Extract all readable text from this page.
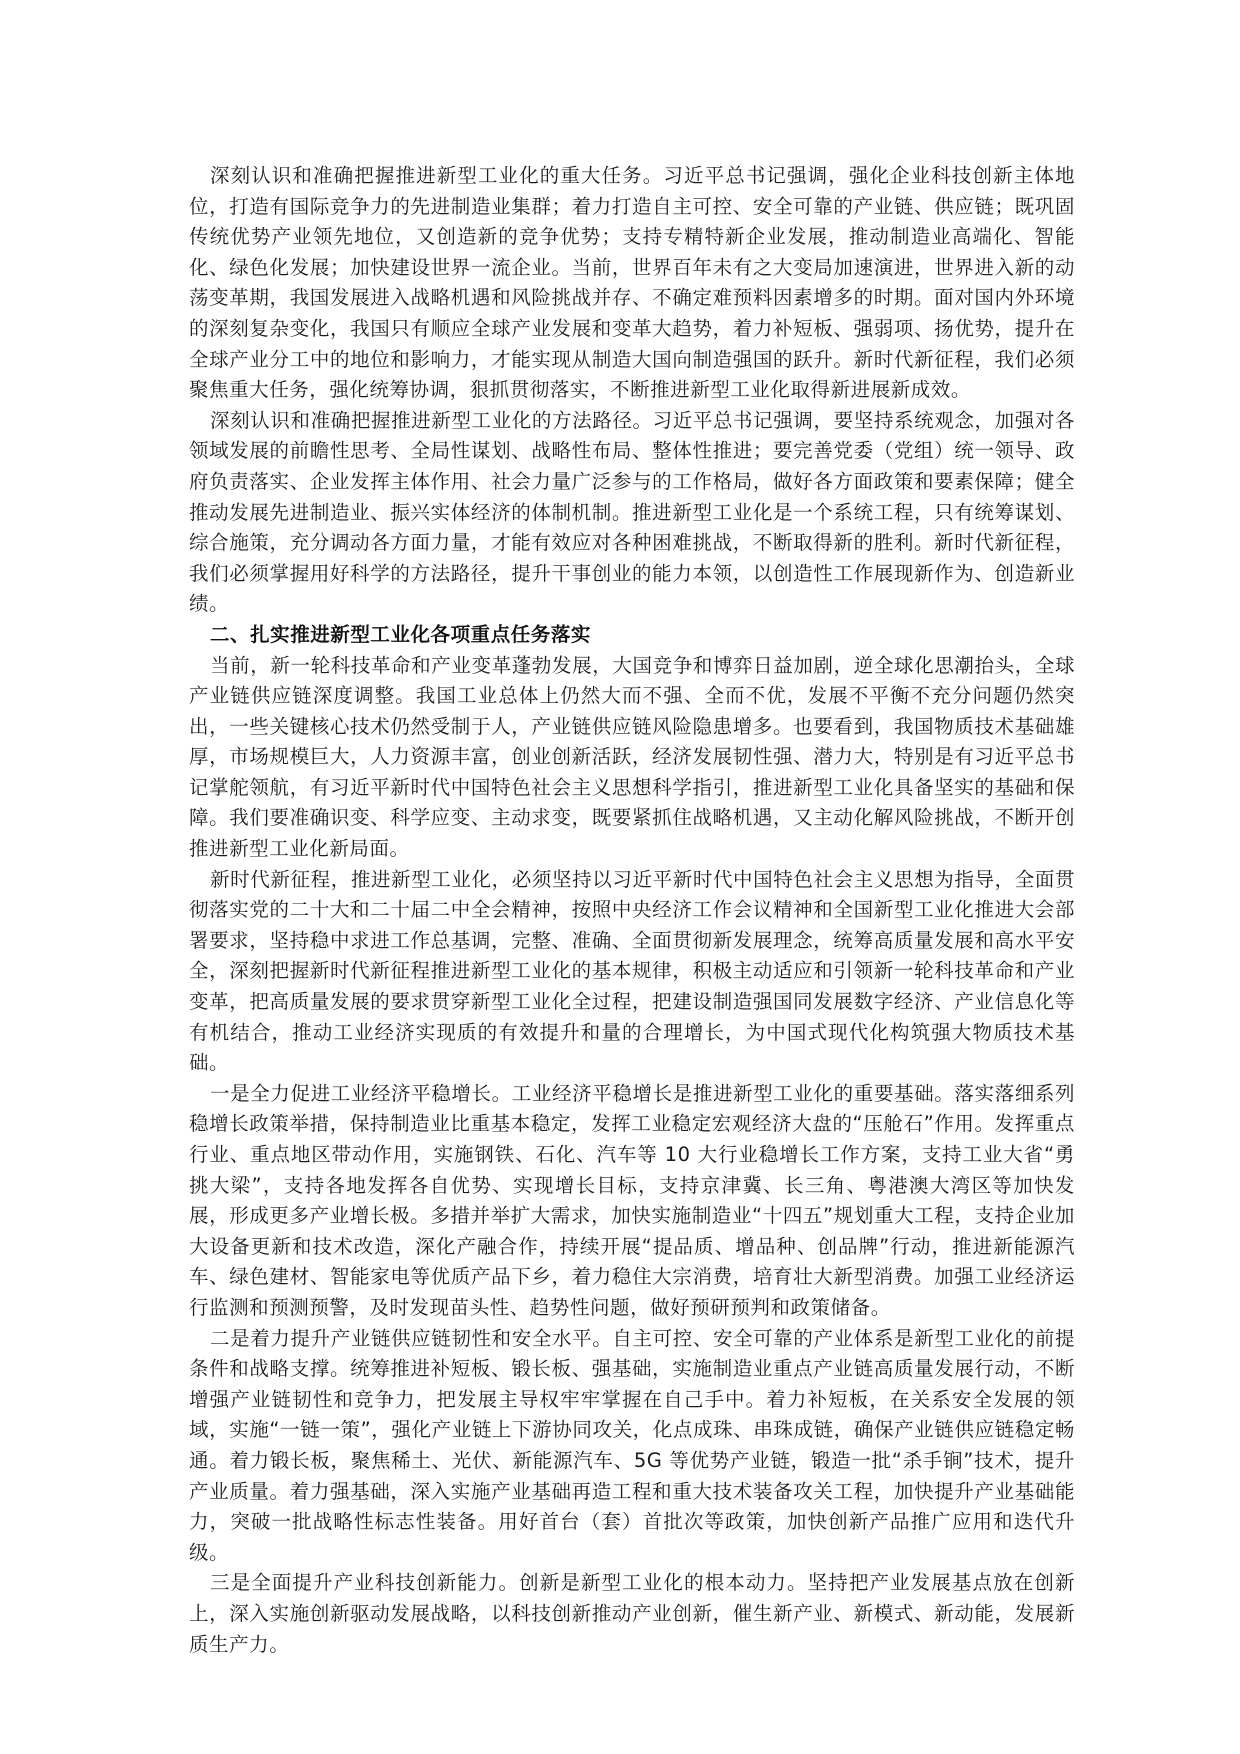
深刻认识和准确把握推进新型工业化的重大任务。习近平总书记强调，强化企业科技创新主体地位，打造有国际竞争力的先进制造业集群；着力打造自主可控、安全可靠的产业链、供应链；既巩固传统优势产业领先地位，又创造新的竞争优势；支持专精特新企业发展，推动制造业高端化、智能化、绿色化发展；加快建设世界一流企业。当前，世界百年未有之大变局加速演进，世界进入新的动荡变革期，我国发展进入战略机遇和风险挑战并存、不确定难预料因素增多的时期。面对国内外环境的深刻复杂变化，我国只有顺应全球产业发展和变革大趋势，着力补短板、强弱项、扬优势，提升在全球产业分工中的地位和影响力，才能实现从制造大国向制造强国的跃升。新时代新征程，我们必须聚焦重大任务，强化统筹协调，狠抓贯彻落实，不断推进新型工业化取得新进展新成效。

深刻认识和准确把握推进新型工业化的方法路径。习近平总书记强调，要坚持系统观念，加强对各领域发展的前瞻性思考、全局性谋划、战略性布局、整体性推进；要完善党委（党组）统一领导、政府负责落实、企业发挥主体作用、社会力量广泛参与的工作格局，做好各方面政策和要素保障；健全推动发展先进制造业、振兴实体经济的体制机制。推进新型工业化是一个系统工程，只有统筹谋划、综合施策，充分调动各方面力量，才能有效应对各种困难挑战，不断取得新的胜利。新时代新征程，我们必须掌握用好科学的方法路径，提升干事创业的能力本领，以创造性工作展现新作为、创造新业绩。

二、扎实推进新型工业化各项重点任务落实

当前，新一轮科技革命和产业变革蓬勃发展，大国竞争和博弈日益加剧，逆全球化思潮抬头，全球产业链供应链深度调整。我国工业总体上仍然大而不强、全而不优，发展不平衡不充分问题仍然突出，一些关键核心技术仍然受制于人，产业链供应链风险隐患增多。也要看到，我国物质技术基础雄厚，市场规模巨大，人力资源丰富，创业创新活跃，经济发展韧性强、潜力大，特别是有习近平总书记掌舵领航，有习近平新时代中国特色社会主义思想科学指引，推进新型工业化具备坚实的基础和保障。我们要准确识变、科学应变、主动求变，既要紧抓住战略机遇，又主动化解风险挑战，不断开创推进新型工业化新局面。

新时代新征程，推进新型工业化，必须坚持以习近平新时代中国特色社会主义思想为指导，全面贯彻落实党的二十大和二十届二中全会精神，按照中央经济工作会议精神和全国新型工业化推进大会部署要求，坚持稳中求进工作总基调，完整、准确、全面贯彻新发展理念，统筹高质量发展和高水平安全，深刻把握新时代新征程推进新型工业化的基本规律，积极主动适应和引领新一轮科技革命和产业变革，把高质量发展的要求贯穿新型工业化全过程，把建设制造强国同发展数字经济、产业信息化等有机结合，推动工业经济实现质的有效提升和量的合理增长，为中国式现代化构筑强大物质技术基础。

一是全力促进工业经济平稳增长。工业经济平稳增长是推进新型工业化的重要基础。落实落细系列稳增长政策举措，保持制造业比重基本稳定，发挥工业稳定宏观经济大盘的“压舱石”作用。发挥重点行业、重点地区带动作用，实施钢铁、石化、汽车等 10 大行业稳增长工作方案，支持工业大省“勇挑大梁”，支持各地发挥各自优势、实现增长目标，支持京津冀、长三角、粤港澳大湾区等加快发展，形成更多产业增长极。多措并举扩大需求，加快实施制造业“十四五”规划重大工程，支持企业加大设备更新和技术改造，深化产融合作，持续开展“提品质、增品种、创品牌”行动，推进新能源汽车、绿色建材、智能家电等优质产品下乡，着力稳住大宗消费，培育壮大新型消费。加强工业经济运行监测和预测预警，及时发现苗头性、趋势性问题，做好预研预判和政策储备。

二是着力提升产业链供应链韧性和安全水平。自主可控、安全可靠的产业体系是新型工业化的前提条件和战略支撑。统筹推进补短板、锻长板、强基础，实施制造业重点产业链高质量发展行动，不断增强产业链韧性和竞争力，把发展主导权牢牢掌握在自己手中。着力补短板，在关系安全发展的领域，实施“一链一策”，强化产业链上下游协同攻关，化点成珠、串珠成链，确保产业链供应链稳定畅通。着力锻长板，聚焦稀土、光伏、新能源汽车、5G 等优势产业链，锻造一批“杀手锏”技术，提升产业质量。着力强基础，深入实施产业基础再造工程和重大技术装备攻关工程，加快提升产业基础能力，突破一批战略性标志性装备。用好首台（套）首批次等政策，加快创新产品推广应用和迭代升级。

三是全面提升产业科技创新能力。创新是新型工业化的根本动力。坚持把产业发展基点放在创新上，深入实施创新驱动发展战略，以科技创新推动产业创新，催生新产业、新模式、新动能，发展新质生产力。
